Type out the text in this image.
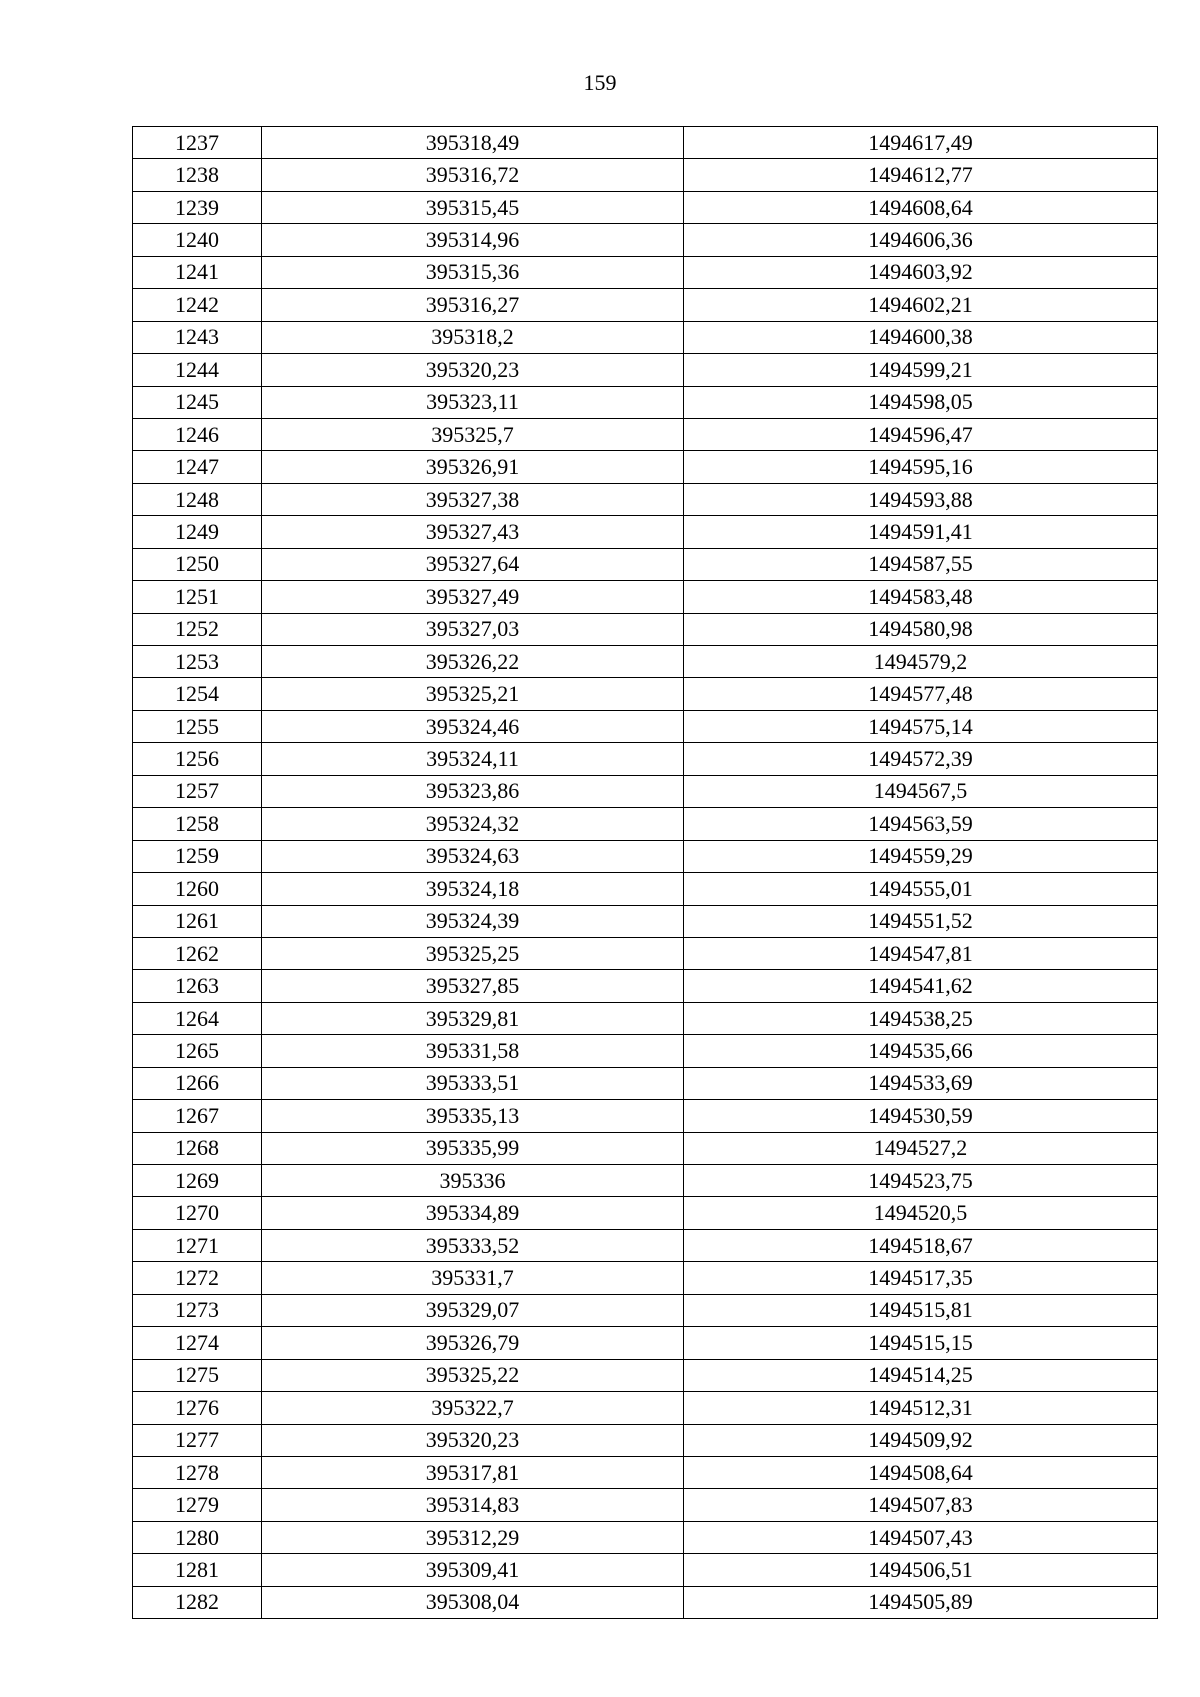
159
1237	395318,49	1494617,49
1238	395316,72	1494612,77
1239	395315,45	1494608,64
1240	395314,96	1494606,36
1241	395315,36	1494603,92
1242	395316,27	1494602,21
1243	395318,2	1494600,38
1244	395320,23	1494599,21
1245	395323,11	1494598,05
1246	395325,7	1494596,47
1247	395326,91	1494595,16
1248	395327,38	1494593,88
1249	395327,43	1494591,41
1250	395327,64	1494587,55
1251	395327,49	1494583,48
1252	395327,03	1494580,98
1253	395326,22	1494579,2
1254	395325,21	1494577,48
1255	395324,46	1494575,14
1256	395324,11	1494572,39
1257	395323,86	1494567,5
1258	395324,32	1494563,59
1259	395324,63	1494559,29
1260	395324,18	1494555,01
1261	395324,39	1494551,52
1262	395325,25	1494547,81
1263	395327,85	1494541,62
1264	395329,81	1494538,25
1265	395331,58	1494535,66
1266	395333,51	1494533,69
1267	395335,13	1494530,59
1268	395335,99	1494527,2
1269	395336	1494523,75
1270	395334,89	1494520,5
1271	395333,52	1494518,67
1272	395331,7	1494517,35
1273	395329,07	1494515,81
1274	395326,79	1494515,15
1275	395325,22	1494514,25
1276	395322,7	1494512,31
1277	395320,23	1494509,92
1278	395317,81	1494508,64
1279	395314,83	1494507,83
1280	395312,29	1494507,43
1281	395309,41	1494506,51
1282	395308,04	1494505,89
